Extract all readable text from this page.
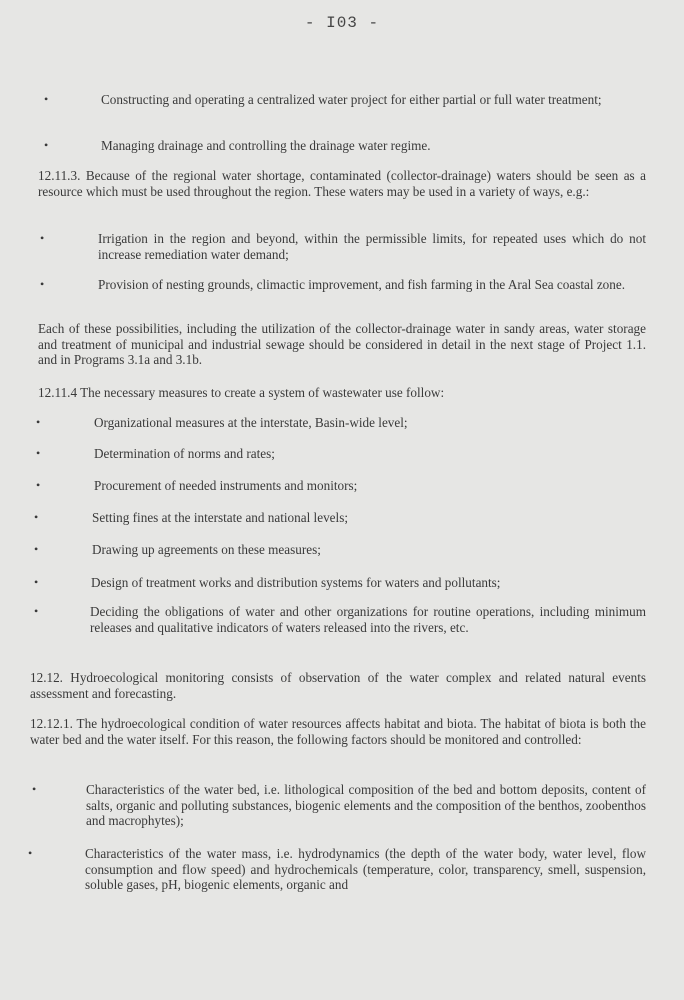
- I03 -
•	Constructing and operating a centralized water project for either partial or full water treatment;
•	Managing drainage and controlling the drainage water regime.
12.11.3. Because of the regional water shortage, contaminated (collector-drainage) waters should be seen as a resource which must be used throughout the region. These waters may be used in a variety of ways, e.g.:
•	Irrigation in the region and beyond, within the permissible limits, for repeated uses which do not increase remediation water demand;
•	Provision of nesting grounds, climactic improvement, and fish farming in the Aral Sea coastal zone.
Each of these possibilities, including the utilization of the collector-drainage water in sandy areas, water storage and treatment of municipal and industrial sewage should be considered in detail in the next stage of Project 1.1. and in Programs 3.1a and 3.1b.
12.11.4 The necessary measures to create a system of wastewater use follow:
•	Organizational measures at the interstate, Basin-wide level;
•	Determination of norms and rates;
•	Procurement of needed instruments and monitors;
•	Setting fines at the interstate and national levels;
•	Drawing up agreements on these measures;
•	Design of treatment works and distribution systems for waters and pollutants;
•	Deciding the obligations of water and other organizations for routine operations, including minimum releases and qualitative indicators of waters released into the rivers, etc.
12.12. Hydroecological monitoring consists of observation of the water complex and related natural events assessment and forecasting.
12.12.1. The hydroecological condition of water resources affects habitat and biota. The habitat of biota is both the water bed and the water itself. For this reason, the following factors should be monitored and controlled:
•	Characteristics of the water bed, i.e. lithological composition of the bed and bottom deposits, content of salts, organic and polluting substances, biogenic elements and the composition of the benthos, zoobenthos and macrophytes);
•	Characteristics of the water mass, i.e. hydrodynamics (the depth of the water body, water level, flow consumption and flow speed) and hydrochemicals (temperature, color, transparency, smell, suspension, soluble gases, pH, biogenic elements, organic and
